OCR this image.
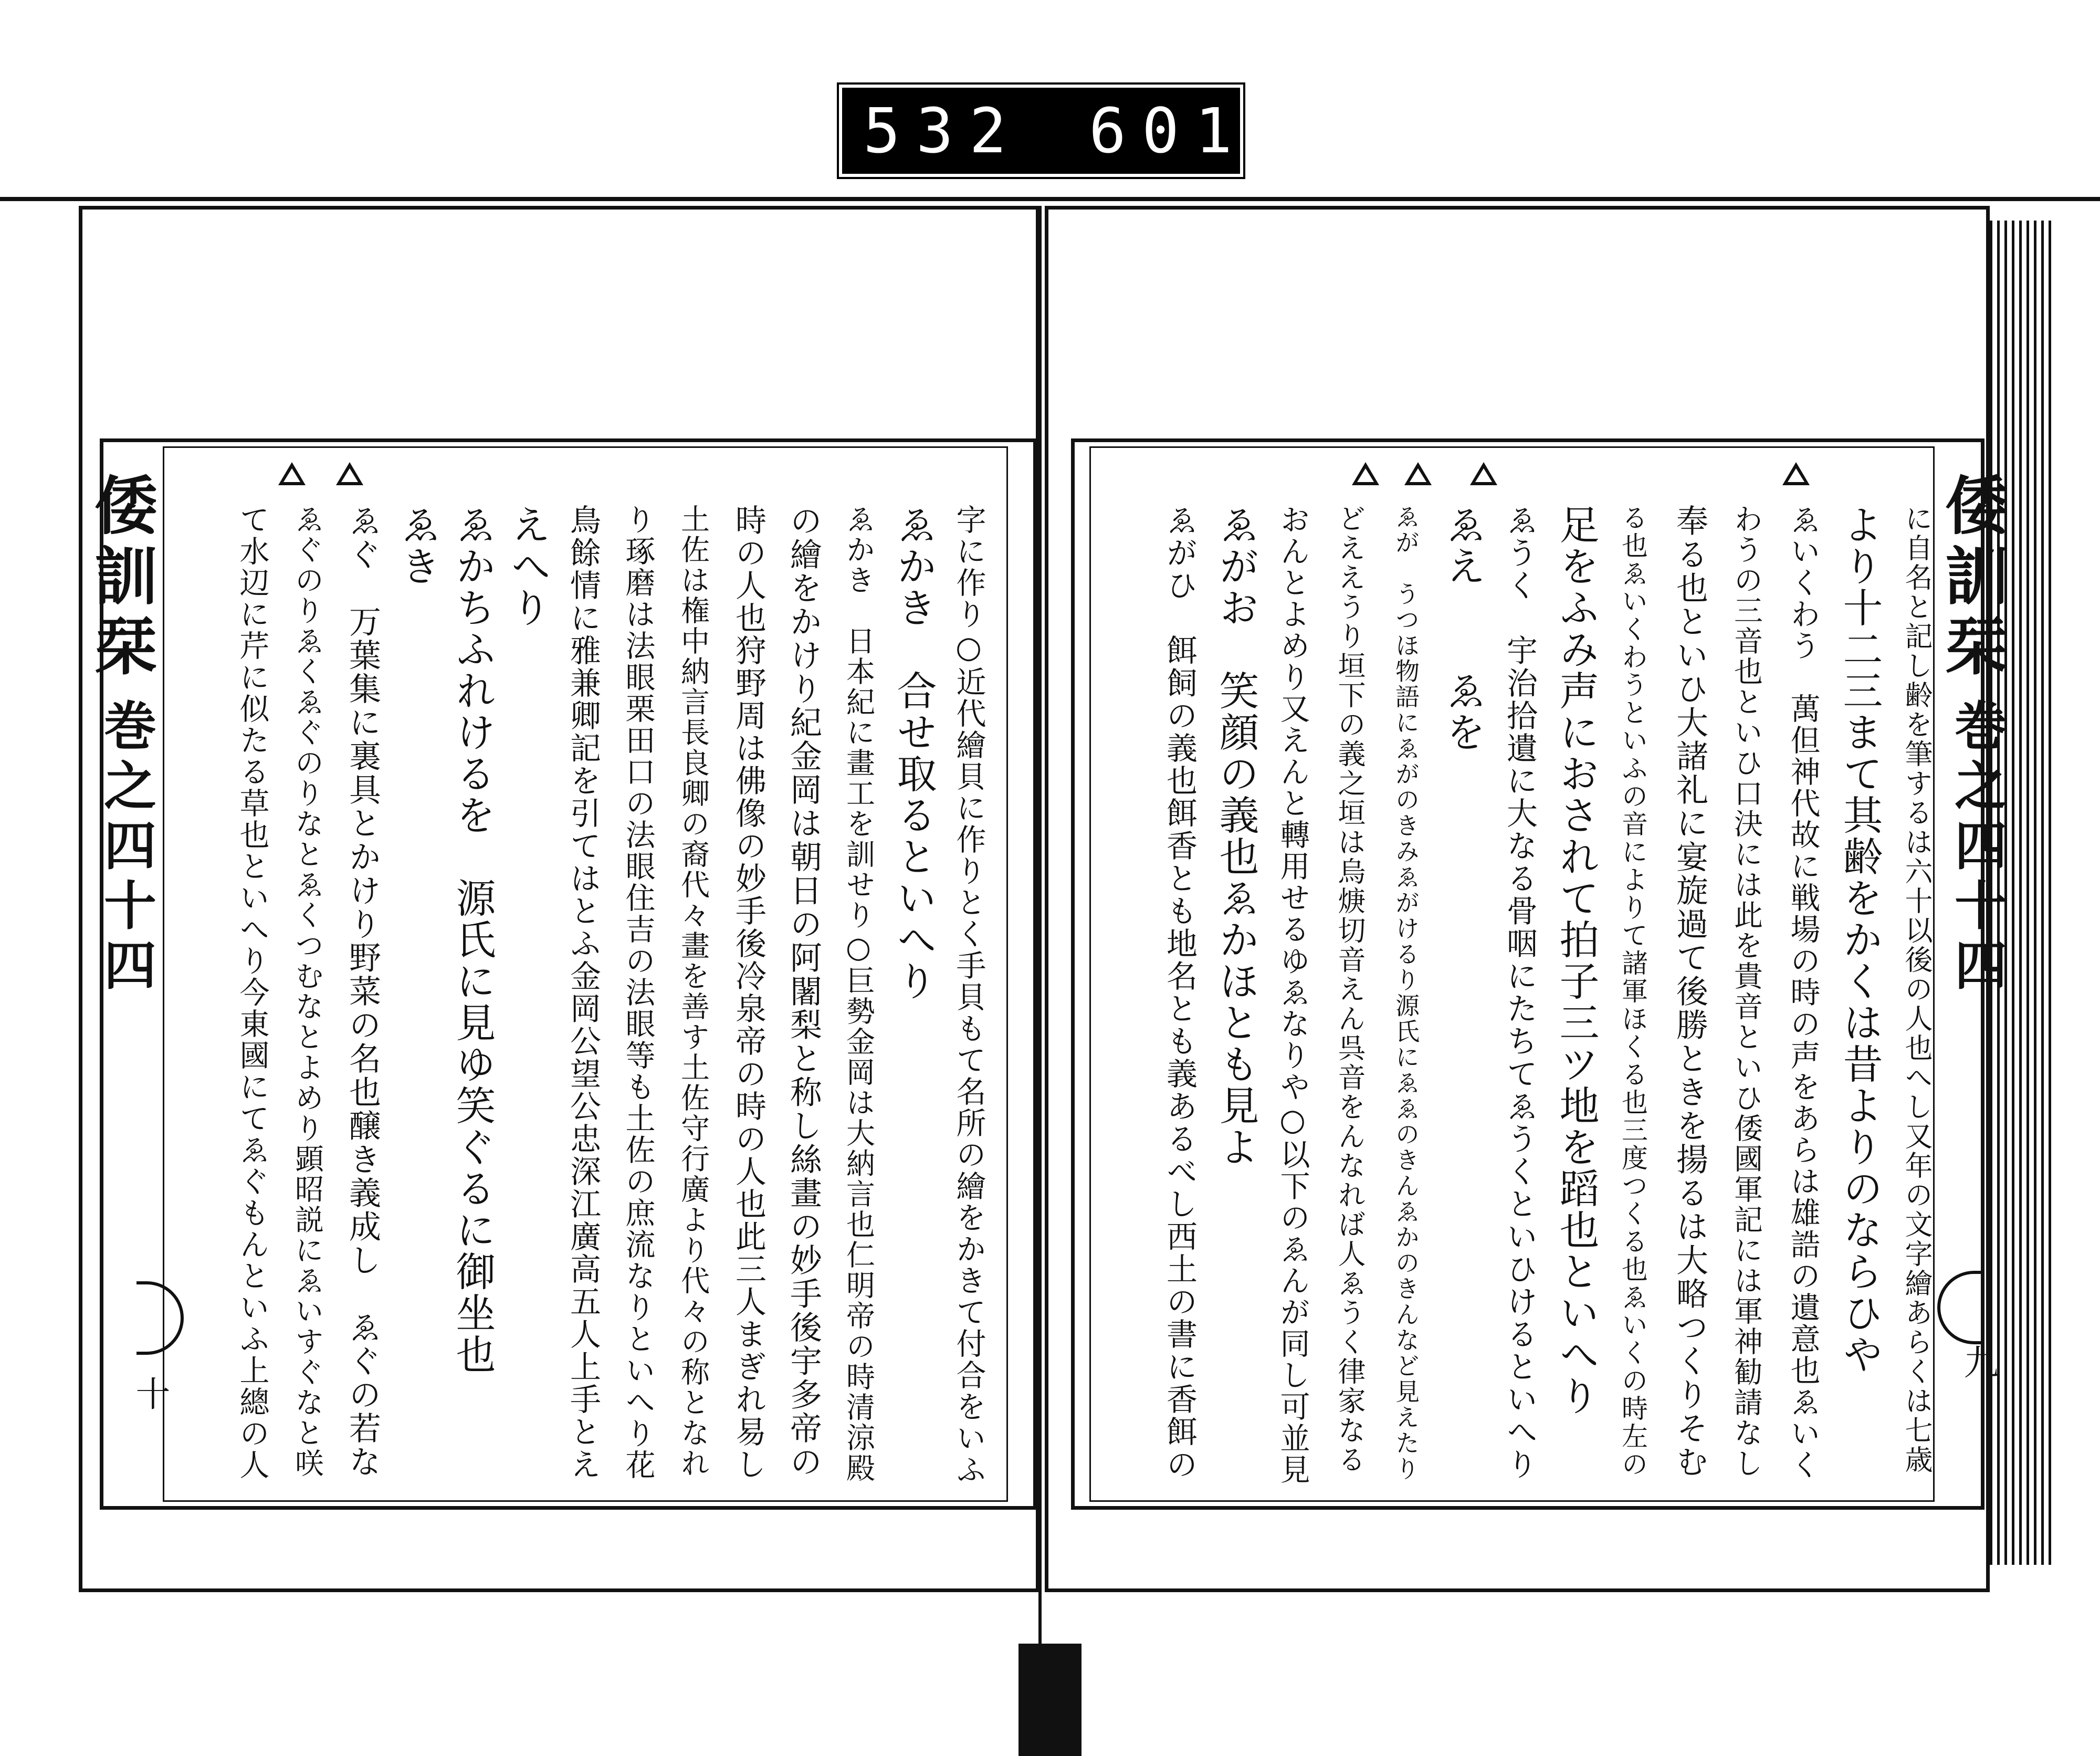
532 601.
倭訓栞
巻之四十四
十	字に作り○近代繪貝に作りとく手貝もて名所の繪をかきて付合をいふ
ゑかき　合せ取るといへり
ゑかき　日本紀に畫工を訓せり○巨勢金岡は大納言也仁明帝の時清涼殿
の繪をかけり紀金岡は朝日の阿闍梨と称し絲畫の妙手後宇多帝の
時の人也狩野周は佛像の妙手後冷泉帝の時の人也此三人まぎれ易し
土佐は権中納言長良卿の裔代々畫を善す土佐守行廣より代々の称となれ
り琢磨は法眼栗田口の法眼住吉の法眼等も土佐の庶流なりといへり花
鳥餘情に雅兼卿記を引てはとふ金岡公望公忠深江廣高五人上手とえ
えへり
ゑかちふれけるを　源氏に見ゆ笑ぐるに御坐也
ゑき
ゑぐ　万葉集に裏具とかけり野菜の名也醸き義成し　ゑぐの若な
ゑぐのりゑくゑぐのりなとゑくつむなとよめり顕昭説にゑいすぐなと咲
て水辺に芹に似たる草也といへり今東國にてゑぐもんといふ上總の人	倭訓栞
巻之四十四
九
に自名と記し齢を筆するは六十以後の人也へし又年の文字繪あらくは七歳
より十二三まて其齢をかくは昔よりのならひや
ゑいくわう　萬但神代故に戦場の時の声をあらは雄誥の遺意也ゑいく
わうの三音也といひ口決には此を貴音といひ倭國軍記には軍神勧請なし
奉る也といひ大諸礼に宴旋過て後勝ときを揚るは大略つくりそむ
る也ゑいくわうといふの音によりて諸軍ほくる也三度つくる也ゑいくの時左の
足をふみ声におされて拍子三ツ地を蹈也といへり
ゑうく　宇治拾遺に大なる骨咽にたちてゑうくといひけるといへり
ゑえ　　ゑを
ゑが　うつほ物語にゑがのきみゑがけるり源氏にゑゑのきんゑかのきんなど見えたり
どええうり垣下の義之垣は烏焿切音えん呉音をんなれば人ゑうく律家なる
おんとよめり又えんと轉用せるゆゑなりや○以下のゑんが同し可並見
ゑがお　笑顔の義也ゑかほとも見よ
ゑがひ　餌飼の義也餌香とも地名とも義あるべし西土の書に香餌の
